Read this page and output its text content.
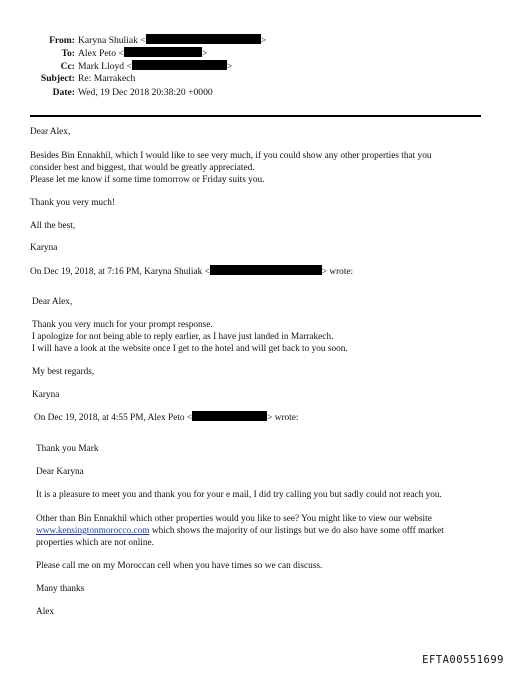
From: Karyna Shuliak <	>
To: Alex Peto <	>
Cc: Mark Lloyd <	>
Subject: Re: Marrakech
Date: Wed, 19 Dec 2018 20:38:20 +0000
Dear Alex,
Besides Bin Ennakhil, which I would like to see very much, if you could show any other properties that you
consider best and biggest, that would be greatly appreciated.
Please let me know if some time tomorrow or Friday suits you.
Thank you very much!
All the best,
Karyna
On Dec 19, 2018, at 7:16 PM, Karyna Shuliak <	> wrote:
Dear Alex,
Thank you very much for your prompt response.
I apologize for not being able to reply earlier, as I have just landed in Marrakech.
I will have a look at the website once I get to the hotel and will get back to you soon.
My best regards,
Karyna
On Dec 19, 2018, at 4:55 PM, Alex Peto <	> wrote:
Thank you Mark
Dear Karyna
It is a pleasure to meet you and thank you for your e mail, I did try calling you but sadly could not reach you.
Other than Bin Ennakhil which other properties would you like to see? You might like to view our website
www.kensingtonmorocco.com which shows the majority of our listings but we do also have some offf market
properties which are not online.
Please call me on my Moroccan cell when you have times so we can discuss.
Many thanks
Alex
EFTA00551699
